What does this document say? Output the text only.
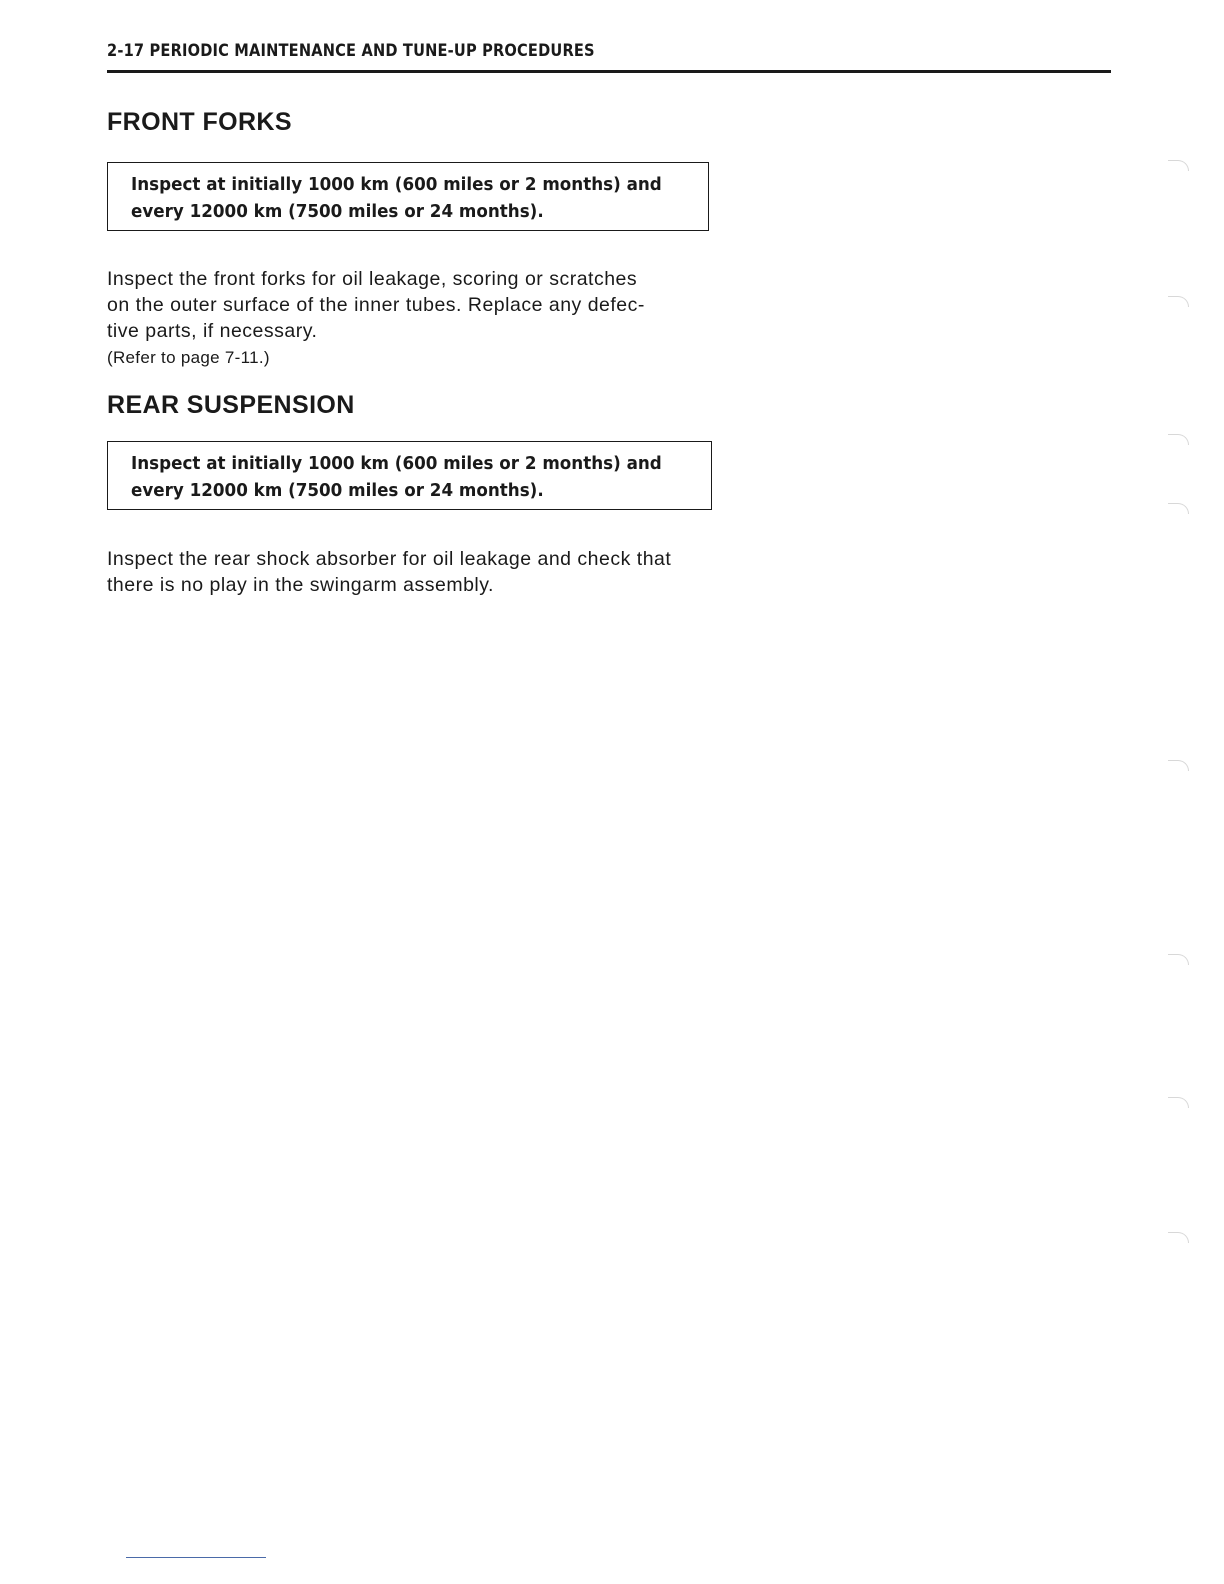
2-17 PERIODIC MAINTENANCE AND TUNE-UP PROCEDURES
FRONT FORKS
Inspect at initially 1000 km (600 miles or 2 months) and
every 12000 km (7500 miles or 24 months).
Inspect the front forks for oil leakage, scoring or scratches
on the outer surface of the inner tubes. Replace any defec-
tive parts, if necessary.
(Refer to page 7-11.)
REAR SUSPENSION
Inspect at initially 1000 km (600 miles or 2 months) and
every 12000 km (7500 miles or 24 months).
Inspect the rear shock absorber for oil leakage and check that
there is no play in the swingarm assembly.
